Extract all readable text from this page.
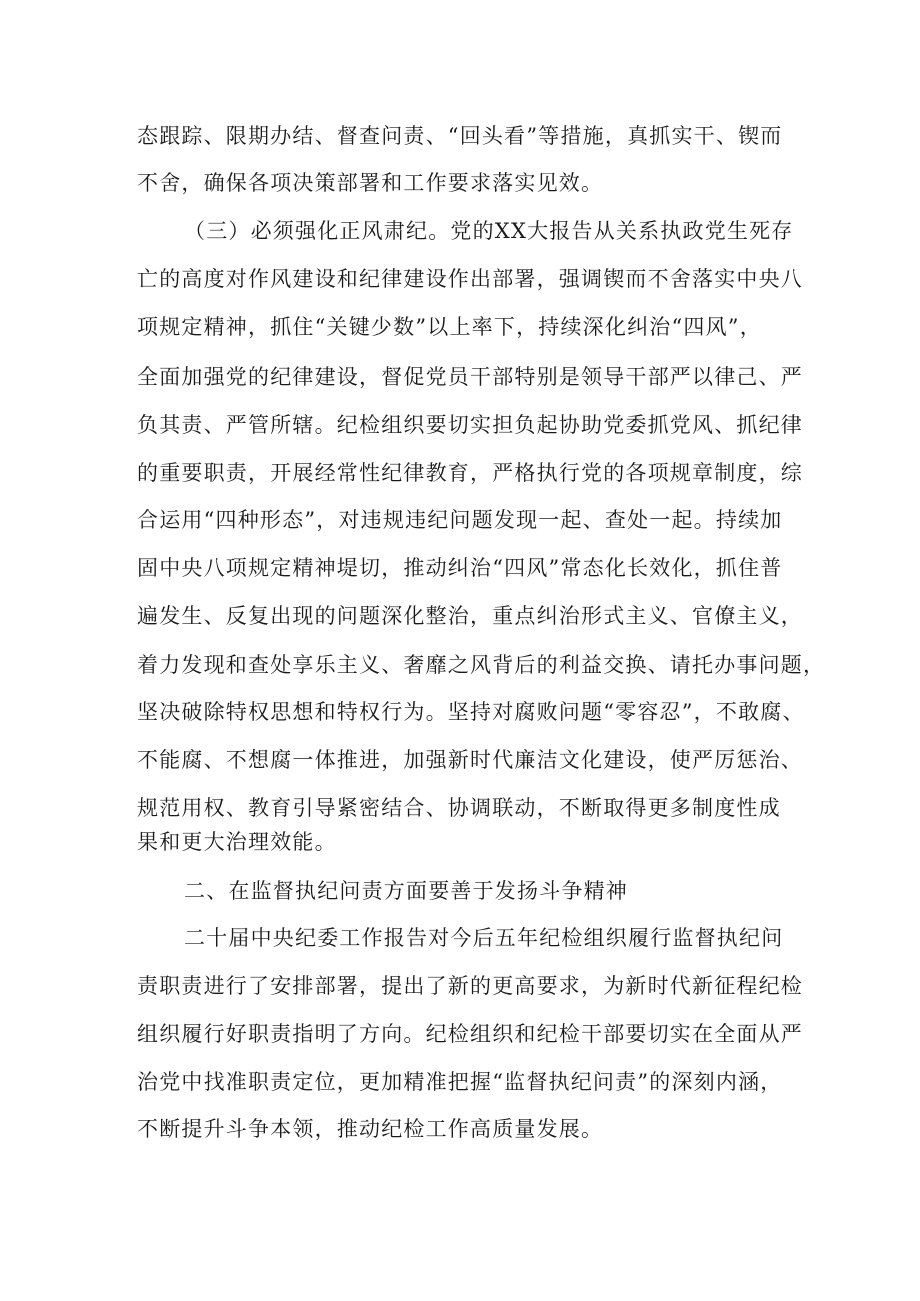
态跟踪、限期办结、督查问责、“回头看”等措施，真抓实干、锲而
不舍，确保各项决策部署和工作要求落实见效。
（三）必须强化正风肃纪。党的XX大报告从关系执政党生死存
亡的高度对作风建设和纪律建设作出部署，强调锲而不舍落实中央八
项规定精神，抓住“关键少数”以上率下，持续深化纠治“四风”，
全面加强党的纪律建设，督促党员干部特别是领导干部严以律己、严
负其责、严管所辖。纪检组织要切实担负起协助党委抓党风、抓纪律
的重要职责，开展经常性纪律教育，严格执行党的各项规章制度，综
合运用“四种形态”，对违规违纪问题发现一起、查处一起。持续加
固中央八项规定精神堤切，推动纠治“四风”常态化长效化，抓住普
遍发生、反复出现的问题深化整治，重点纠治形式主义、官僚主义，
着力发现和查处享乐主义、奢靡之风背后的利益交换、请托办事问题，
坚决破除特权思想和特权行为。坚持对腐败问题“零容忍”，不敢腐、
不能腐、不想腐一体推进，加强新时代廉洁文化建设，使严厉惩治、
规范用权、教育引导紧密结合、协调联动，不断取得更多制度性成
果和更大治理效能。
二、在监督执纪问责方面要善于发扬斗争精神
二十届中央纪委工作报告对今后五年纪检组织履行监督执纪问
责职责进行了安排部署，提出了新的更高要求，为新时代新征程纪检
组织履行好职责指明了方向。纪检组织和纪检干部要切实在全面从严
治党中找准职责定位，更加精准把握“监督执纪问责”的深刻内涵，
不断提升斗争本领，推动纪检工作高质量发展。
